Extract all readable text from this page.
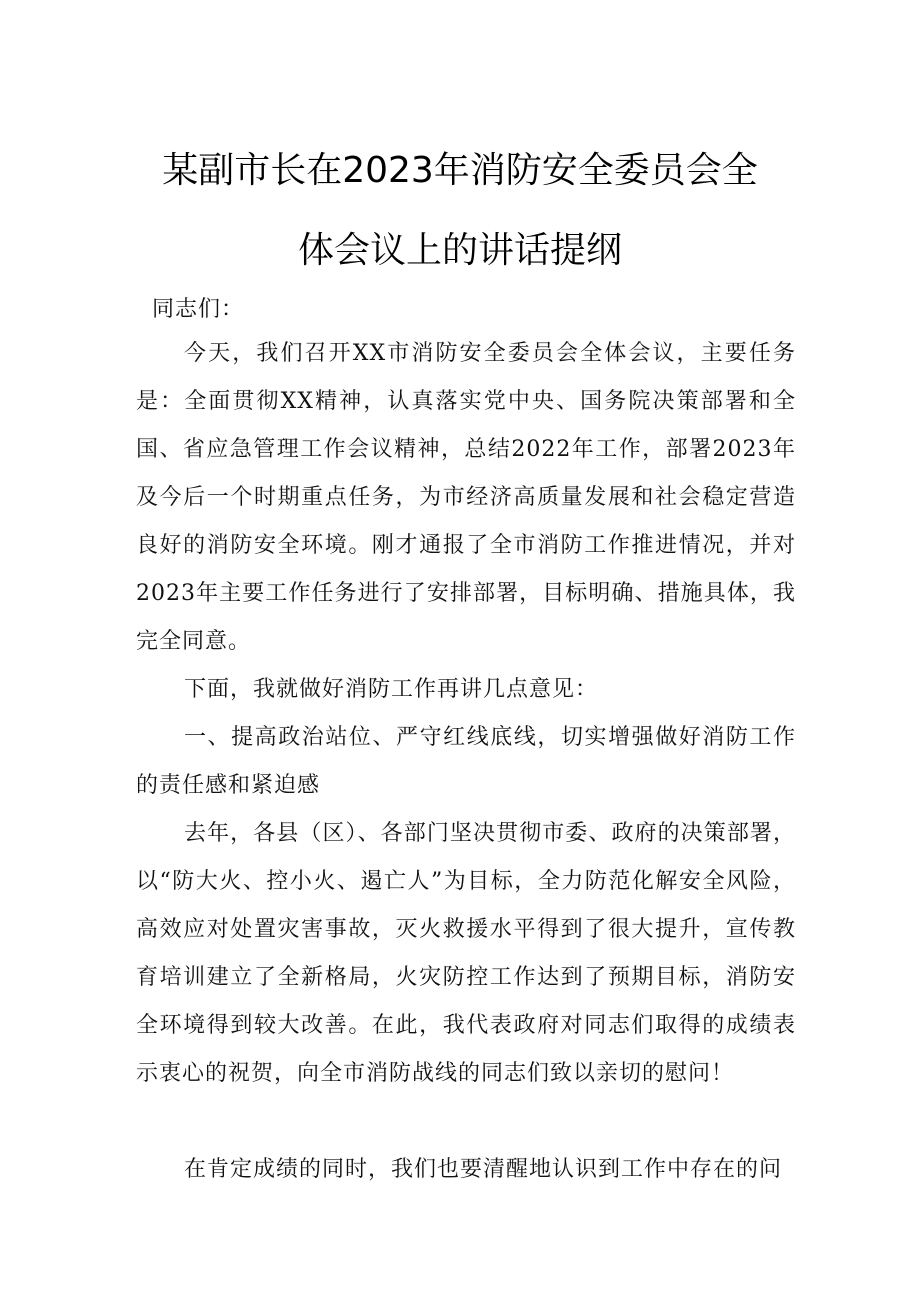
某副市长在2023年消防安全委员会全
体会议上的讲话提纲
同志们：
今天，我们召开XX市消防安全委员会全体会议，主要任务是：全面贯彻XX精神，认真落实党中央、国务院决策部署和全国、省应急管理工作会议精神，总结2022年工作，部署2023年及今后一个时期重点任务，为市经济高质量发展和社会稳定营造良好的消防安全环境。刚才通报了全市消防工作推进情况，并对2023年主要工作任务进行了安排部署，目标明确、措施具体，我完全同意。
下面，我就做好消防工作再讲几点意见：
一、提高政治站位、严守红线底线，切实增强做好消防工作的责任感和紧迫感
去年，各县（区）、各部门坚决贯彻市委、政府的决策部署，以“防大火、控小火、遏亡人”为目标，全力防范化解安全风险，高效应对处置灾害事故，灭火救援水平得到了很大提升，宣传教育培训建立了全新格局，火灾防控工作达到了预期目标，消防安全环境得到较大改善。在此，我代表政府对同志们取得的成绩表示衷心的祝贺，向全市消防战线的同志们致以亲切的慰问！
在肯定成绩的同时，我们也要清醒地认识到工作中存在的问
